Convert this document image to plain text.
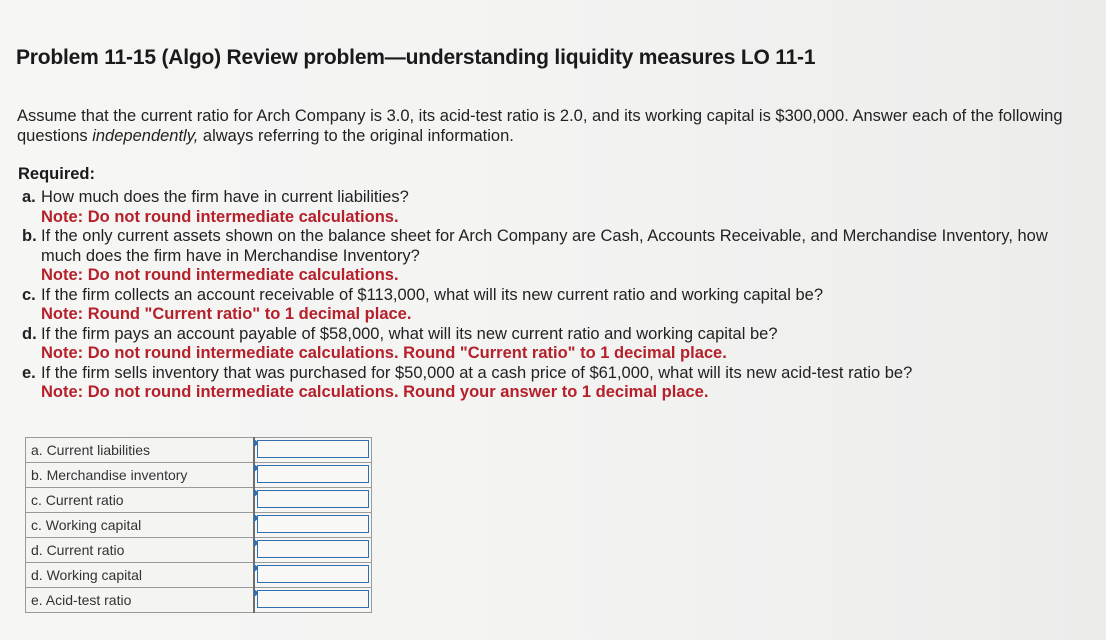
Problem 11-15 (Algo) Review problem—understanding liquidity measures LO 11-1
Assume that the current ratio for Arch Company is 3.0, its acid-test ratio is 2.0, and its working capital is $300,000. Answer each of the following questions independently, always referring to the original information.
Required:
a. How much does the firm have in current liabilities?
Note: Do not round intermediate calculations.
b. If the only current assets shown on the balance sheet for Arch Company are Cash, Accounts Receivable, and Merchandise Inventory, how much does the firm have in Merchandise Inventory?
Note: Do not round intermediate calculations.
c. If the firm collects an account receivable of $113,000, what will its new current ratio and working capital be?
Note: Round "Current ratio" to 1 decimal place.
d. If the firm pays an account payable of $58,000, what will its new current ratio and working capital be?
Note: Do not round intermediate calculations. Round "Current ratio" to 1 decimal place.
e. If the firm sells inventory that was purchased for $50,000 at a cash price of $61,000, what will its new acid-test ratio be?
Note: Do not round intermediate calculations. Round your answer to 1 decimal place.
a. Current liabilities	

b. Merchandise inventory	

c. Current ratio	

c. Working capital	

d. Current ratio	

d. Working capital	

e. Acid-test ratio	
